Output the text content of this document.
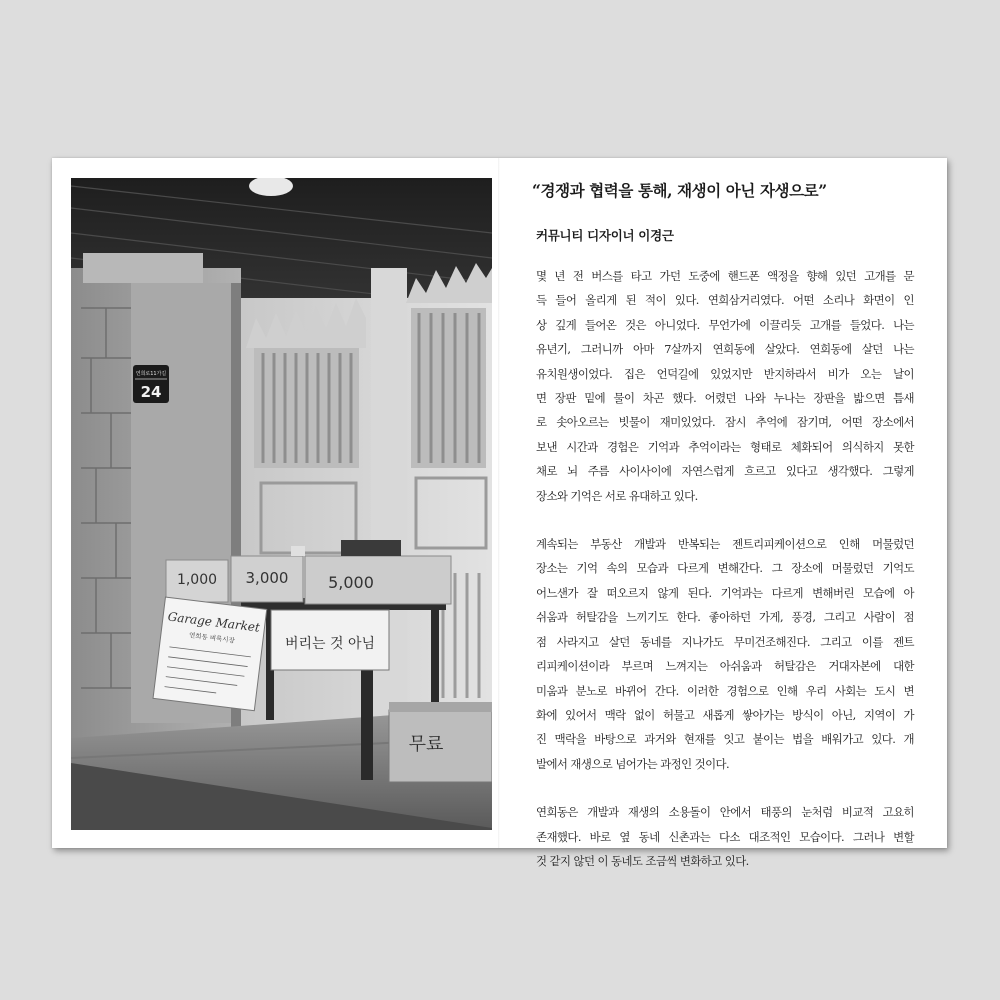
연희로11가길
24
1,000 3,000 5,000
Garage Market
연희동 벼룩시장	버리는 것 아님
무료
“경쟁과 협력을 통해, 재생이 아닌 자생으로”
커뮤니티 디자이너 이경근

몇 년 전 버스를 타고 가던 도중에 핸드폰 액정을 향해 있던 고개를 문
득 들어 올리게 된 적이 있다. 연희삼거리였다. 어떤 소리나 화면이 인
상 깊게 들어온 것은 아니었다. 무언가에 이끌리듯 고개를 들었다. 나는
유년기, 그러니까 아마 7살까지 연희동에 살았다. 연희동에 살던 나는
유치원생이었다. 집은 언덕길에 있었지만 반지하라서 비가 오는 날이
면 장판 밑에 물이 차곤 했다. 어렸던 나와 누나는 장판을 밟으면 틈새
로 솟아오르는 빗물이 재미있었다. 잠시 추억에 잠기며, 어떤 장소에서
보낸 시간과 경험은 기억과 추억이라는 형태로 체화되어 의식하지 못한
채로 뇌 주름 사이사이에 자연스럽게 흐르고 있다고 생각했다. 그렇게
장소와 기억은 서로 유대하고 있다.

계속되는 부동산 개발과 반복되는 젠트리피케이션으로 인해 머물렀던
장소는 기억 속의 모습과 다르게 변해간다. 그 장소에 머물렀던 기억도
어느샌가 잘 떠오르지 않게 된다. 기억과는 다르게 변해버린 모습에 아
쉬움과 허탈감을 느끼기도 한다. 좋아하던 가게, 풍경, 그리고 사람이 점
점 사라지고 살던 동네를 지나가도 무미건조해진다. 그리고 이를 젠트
리피케이션이라 부르며 느껴지는 아쉬움과 허탈감은 거대자본에 대한
미움과 분노로 바뀌어 간다. 이러한 경험으로 인해 우리 사회는 도시 변
화에 있어서 맥락 없이 허물고 새롭게 쌓아가는 방식이 아닌, 지역이 가
진 맥락을 바탕으로 과거와 현재를 잇고 붙이는 법을 배워가고 있다. 개
발에서 재생으로 넘어가는 과정인 것이다.

연희동은 개발과 재생의 소용돌이 안에서 태풍의 눈처럼 비교적 고요히
존재했다. 바로 옆 동네 신촌과는 다소 대조적인 모습이다. 그러나 변할
것 같지 않던 이 동네도 조금씩 변화하고 있다.
